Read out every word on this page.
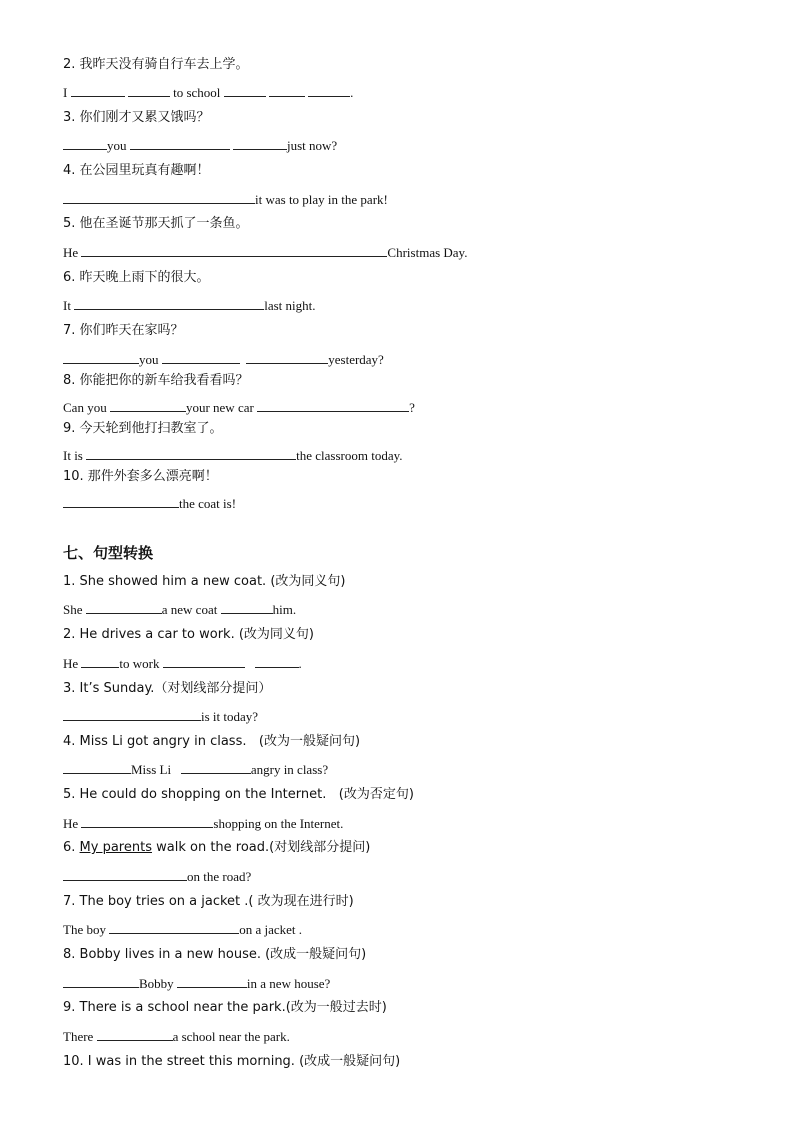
2. 我昨天没有骑自行车去上学。
I	to school	.
3. 你们刚才又累又饿吗？
you	just now?
4. 在公园里玩真有趣啊！
it was to play in the park!
5. 他在圣诞节那天抓了一条鱼。
He	Christmas Day.
6. 昨天晚上雨下的很大。
It	last night.
7. 你们昨天在家吗？
you	yesterday?
8. 你能把你的新车给我看看吗？
Can you	your new car	?
9. 今天轮到他打扫教室了。
It is	the classroom today.
10. 那件外套多么漂亮啊！
the coat is!
七、句型转换
1. She showed him a new coat. (改为同义句)
She	a new coat	him.
2. He drives a car to work. (改为同义句)
He	to work	.
3. It’s Sunday.（对划线部分提问）
is it today?
4. Miss Li got angry in class.   (改为一般疑问句)
Miss Li	angry in class?
5. He could do shopping on the Internet.   (改为否定句)
He	shopping on the Internet.
6. My parents walk on the road.(对划线部分提问)
on the road?
7. The boy tries on a jacket .( 改为现在进行时)
The boy	on a jacket .
8. Bobby lives in a new house. (改成一般疑问句)
Bobby	in a new house?
9. There is a school near the park.(改为一般过去时)
There	a school near the park.
10. I was in the street this morning. (改成一般疑问句)
